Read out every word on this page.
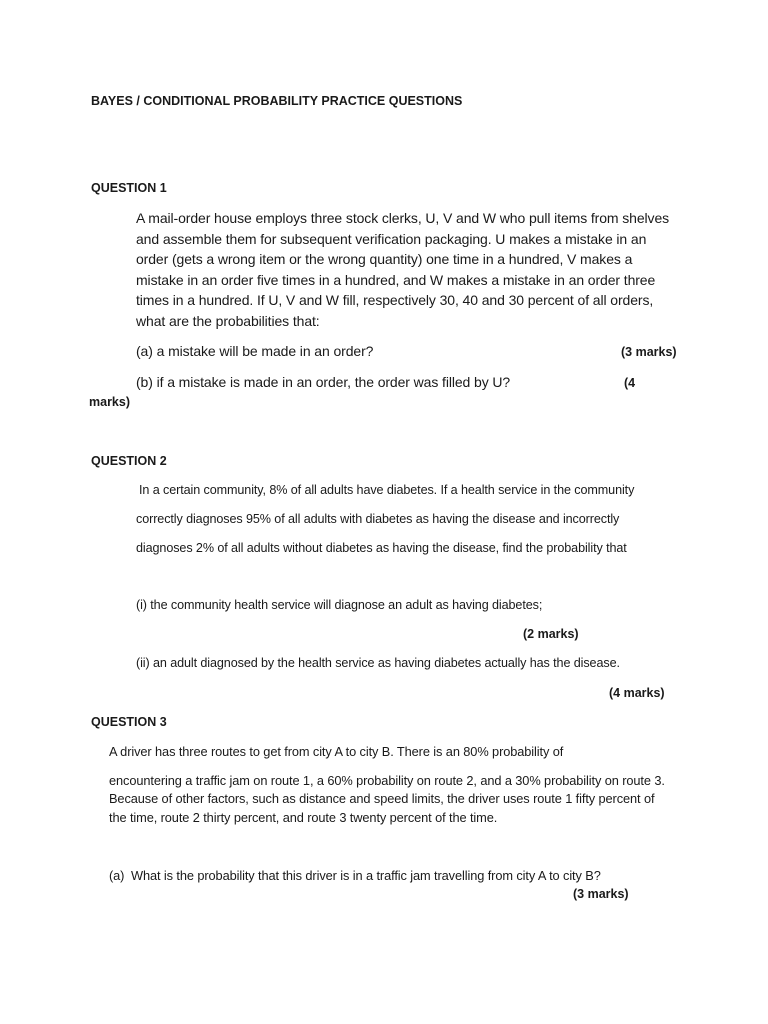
BAYES / CONDITIONAL PROBABILITY PRACTICE QUESTIONS

QUESTION 1

A mail-order house employs three stock clerks, U, V and W who pull items from shelves

and assemble them for subsequent verification packaging. U makes a mistake in an

order (gets a wrong item or the wrong quantity) one time in a hundred, V makes a

mistake in an order five times in a hundred, and W makes a mistake in an order three

times in a hundred. If U, V and W fill, respectively 30, 40 and 30 percent of all orders,

what are the probabilities that:

(a) a mistake will be made in an order?	(3 marks)

(b) if a mistake is made in an order, the order was filled by U?	(4

marks)

QUESTION 2

In a certain community, 8% of all adults have diabetes. If a health service in the community

correctly diagnoses 95% of all adults with diabetes as having the disease and incorrectly

diagnoses 2% of all adults without diabetes as having the disease, find the probability that

(i) the community health service will diagnose an adult as having diabetes;

(2 marks)

(ii) an adult diagnosed by the health service as having diabetes actually has the disease.

(4 marks)

QUESTION 3

A driver has three routes to get from city A to city B. There is an 80% probability of

encountering a traffic jam on route 1, a 60% probability on route 2, and a 30% probability on route 3.

Because of other factors, such as distance and speed limits, the driver uses route 1 fifty percent of

the time, route 2 thirty percent, and route 3 twenty percent of the time.

(a) What is the probability that this driver is in a traffic jam travelling from city A to city B?

(3 marks)
